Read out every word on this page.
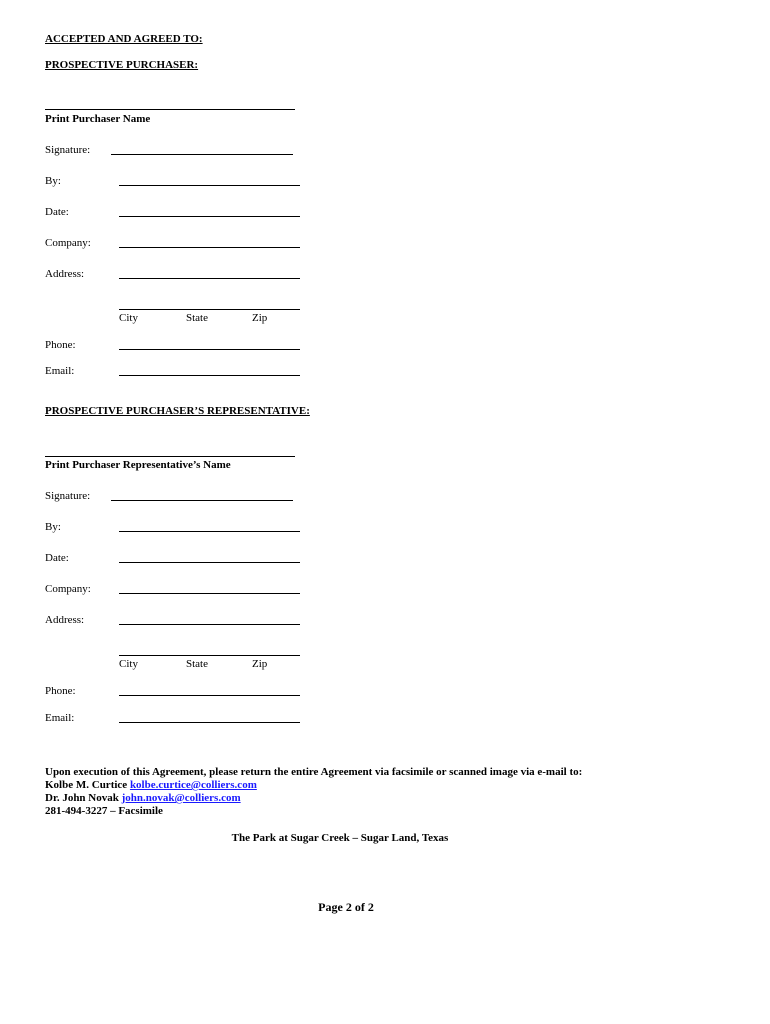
ACCEPTED AND AGREED TO:
PROSPECTIVE PURCHASER:
Print Purchaser Name
Signature:
By:
Date:
Company:
Address:
City	State	Zip
Phone:
Email:
PROSPECTIVE PURCHASER’S REPRESENTATIVE:
Print Purchaser Representative’s Name
Signature:
By:
Date:
Company:
Address:
City	State	Zip
Phone:
Email:
Upon execution of this Agreement, please return the entire Agreement via facsimile or scanned image via e-mail to:
Kolbe M. Curtice kolbe.curtice@colliers.com
Dr. John Novak john.novak@colliers.com
281-494-3227 – Facsimile
The Park at Sugar Creek – Sugar Land, Texas
Page 2 of 2
